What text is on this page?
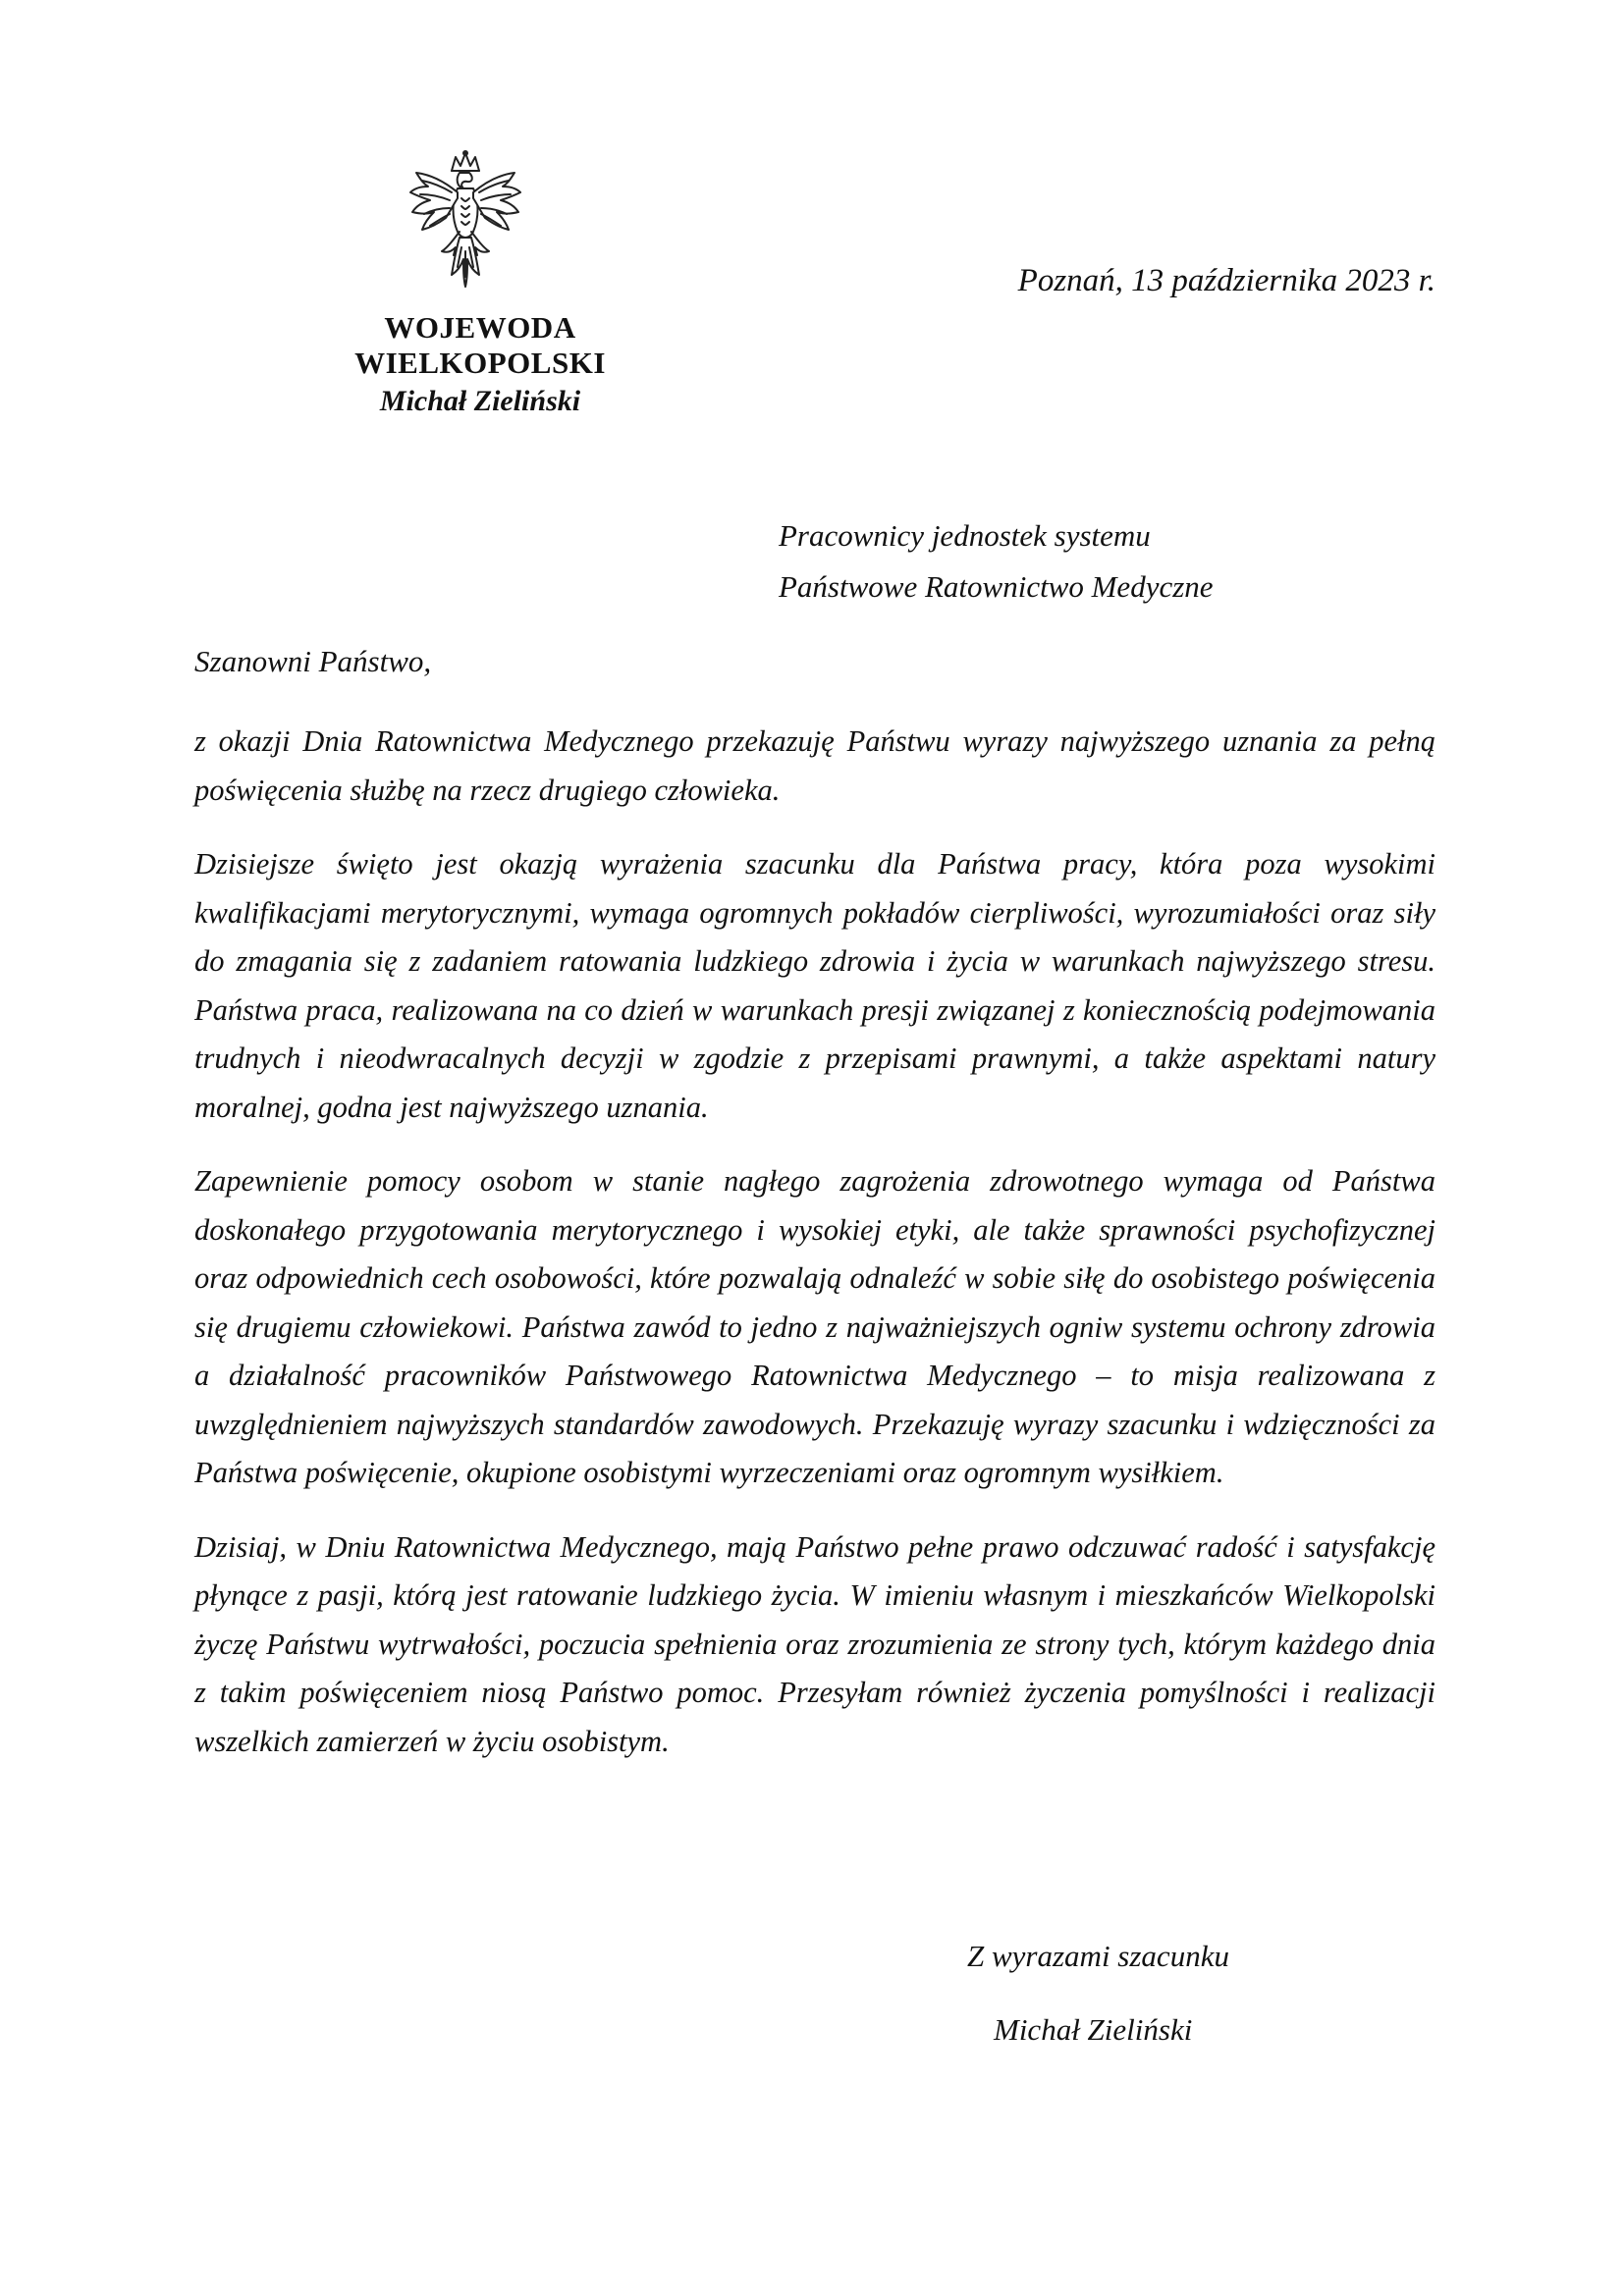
WOJEWODA WIELKOPOLSKI
Michał Zieliński
Poznań, 13 października 2023 r.
Pracownicy jednostek systemu
Państwowe Ratownictwo Medyczne
Szanowni Państwo,

z okazji Dnia Ratownictwa Medycznego przekazuję Państwu wyrazy najwyższego uznania za pełną poświęcenia służbę na rzecz drugiego człowieka.

Dzisiejsze święto jest okazją wyrażenia szacunku dla Państwa pracy, która poza wysokimi kwalifikacjami merytorycznymi, wymaga ogromnych pokładów cierpliwości, wyrozumiałości oraz siły do zmagania się z zadaniem ratowania ludzkiego zdrowia i życia w warunkach najwyższego stresu. Państwa praca, realizowana na co dzień w warunkach presji związanej z koniecznością podejmowania trudnych i nieodwracalnych decyzji w zgodzie z przepisami prawnymi, a także aspektami natury moralnej, godna jest najwyższego uznania.

Zapewnienie pomocy osobom w stanie nagłego zagrożenia zdrowotnego wymaga od Państwa doskonałego przygotowania merytorycznego i wysokiej etyki, ale także sprawności psychofizycznej oraz odpowiednich cech osobowości, które pozwalają odnaleźć w sobie siłę do osobistego poświęcenia się drugiemu człowiekowi. Państwa zawód to jedno z najważniejszych ogniw systemu ochrony zdrowia a działalność pracowników Państwowego Ratownictwa Medycznego – to misja realizowana z uwzględnieniem najwyższych standardów zawodowych. Przekazuję wyrazy szacunku i wdzięczności za Państwa poświęcenie, okupione osobistymi wyrzeczeniami oraz ogromnym wysiłkiem.

Dzisiaj, w Dniu Ratownictwa Medycznego, mają Państwo pełne prawo odczuwać radość i satysfakcję płynące z pasji, którą jest ratowanie ludzkiego życia. W imieniu własnym i mieszkańców Wielkopolski życzę Państwu wytrwałości, poczucia spełnienia oraz zrozumienia ze strony tych, którym każdego dnia z takim poświęceniem niosą Państwo pomoc. Przesyłam również życzenia pomyślności i realizacji wszelkich zamierzeń w życiu osobistym.

Z wyrazami szacunku
Michał Zieliński
